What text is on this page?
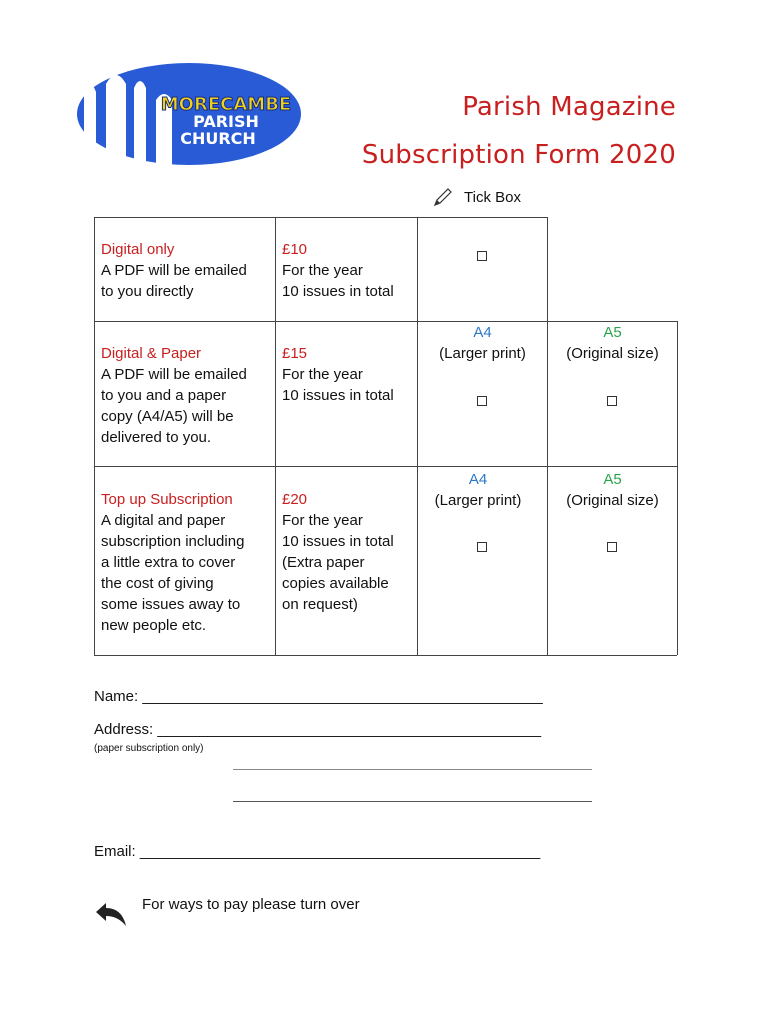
MORECAMBE
PARISH
CHURCH
Parish Magazine
Subscription Form 2020
Tick Box
Digital only
A PDF will be emailed
to you directly
£10
For the year
10 issues in total
Digital & Paper
A PDF will be emailed
to you and a paper
copy (A4/A5) will be
delivered to you.
£15
For the year
10 issues in total
A4
(Larger print)
A5
(Original size)
Top up Subscription
A digital and paper
subscription including
a little extra to cover
the cost of giving
some issues away to
new people etc.
£20
For the year
10 issues in total
(Extra paper
copies available
on request)
A4
(Larger print)
A5
(Original size)
Name: ________________________________________________
Address: ______________________________________________
(paper subscription only)
Email: ________________________________________________
For ways to pay please turn over
